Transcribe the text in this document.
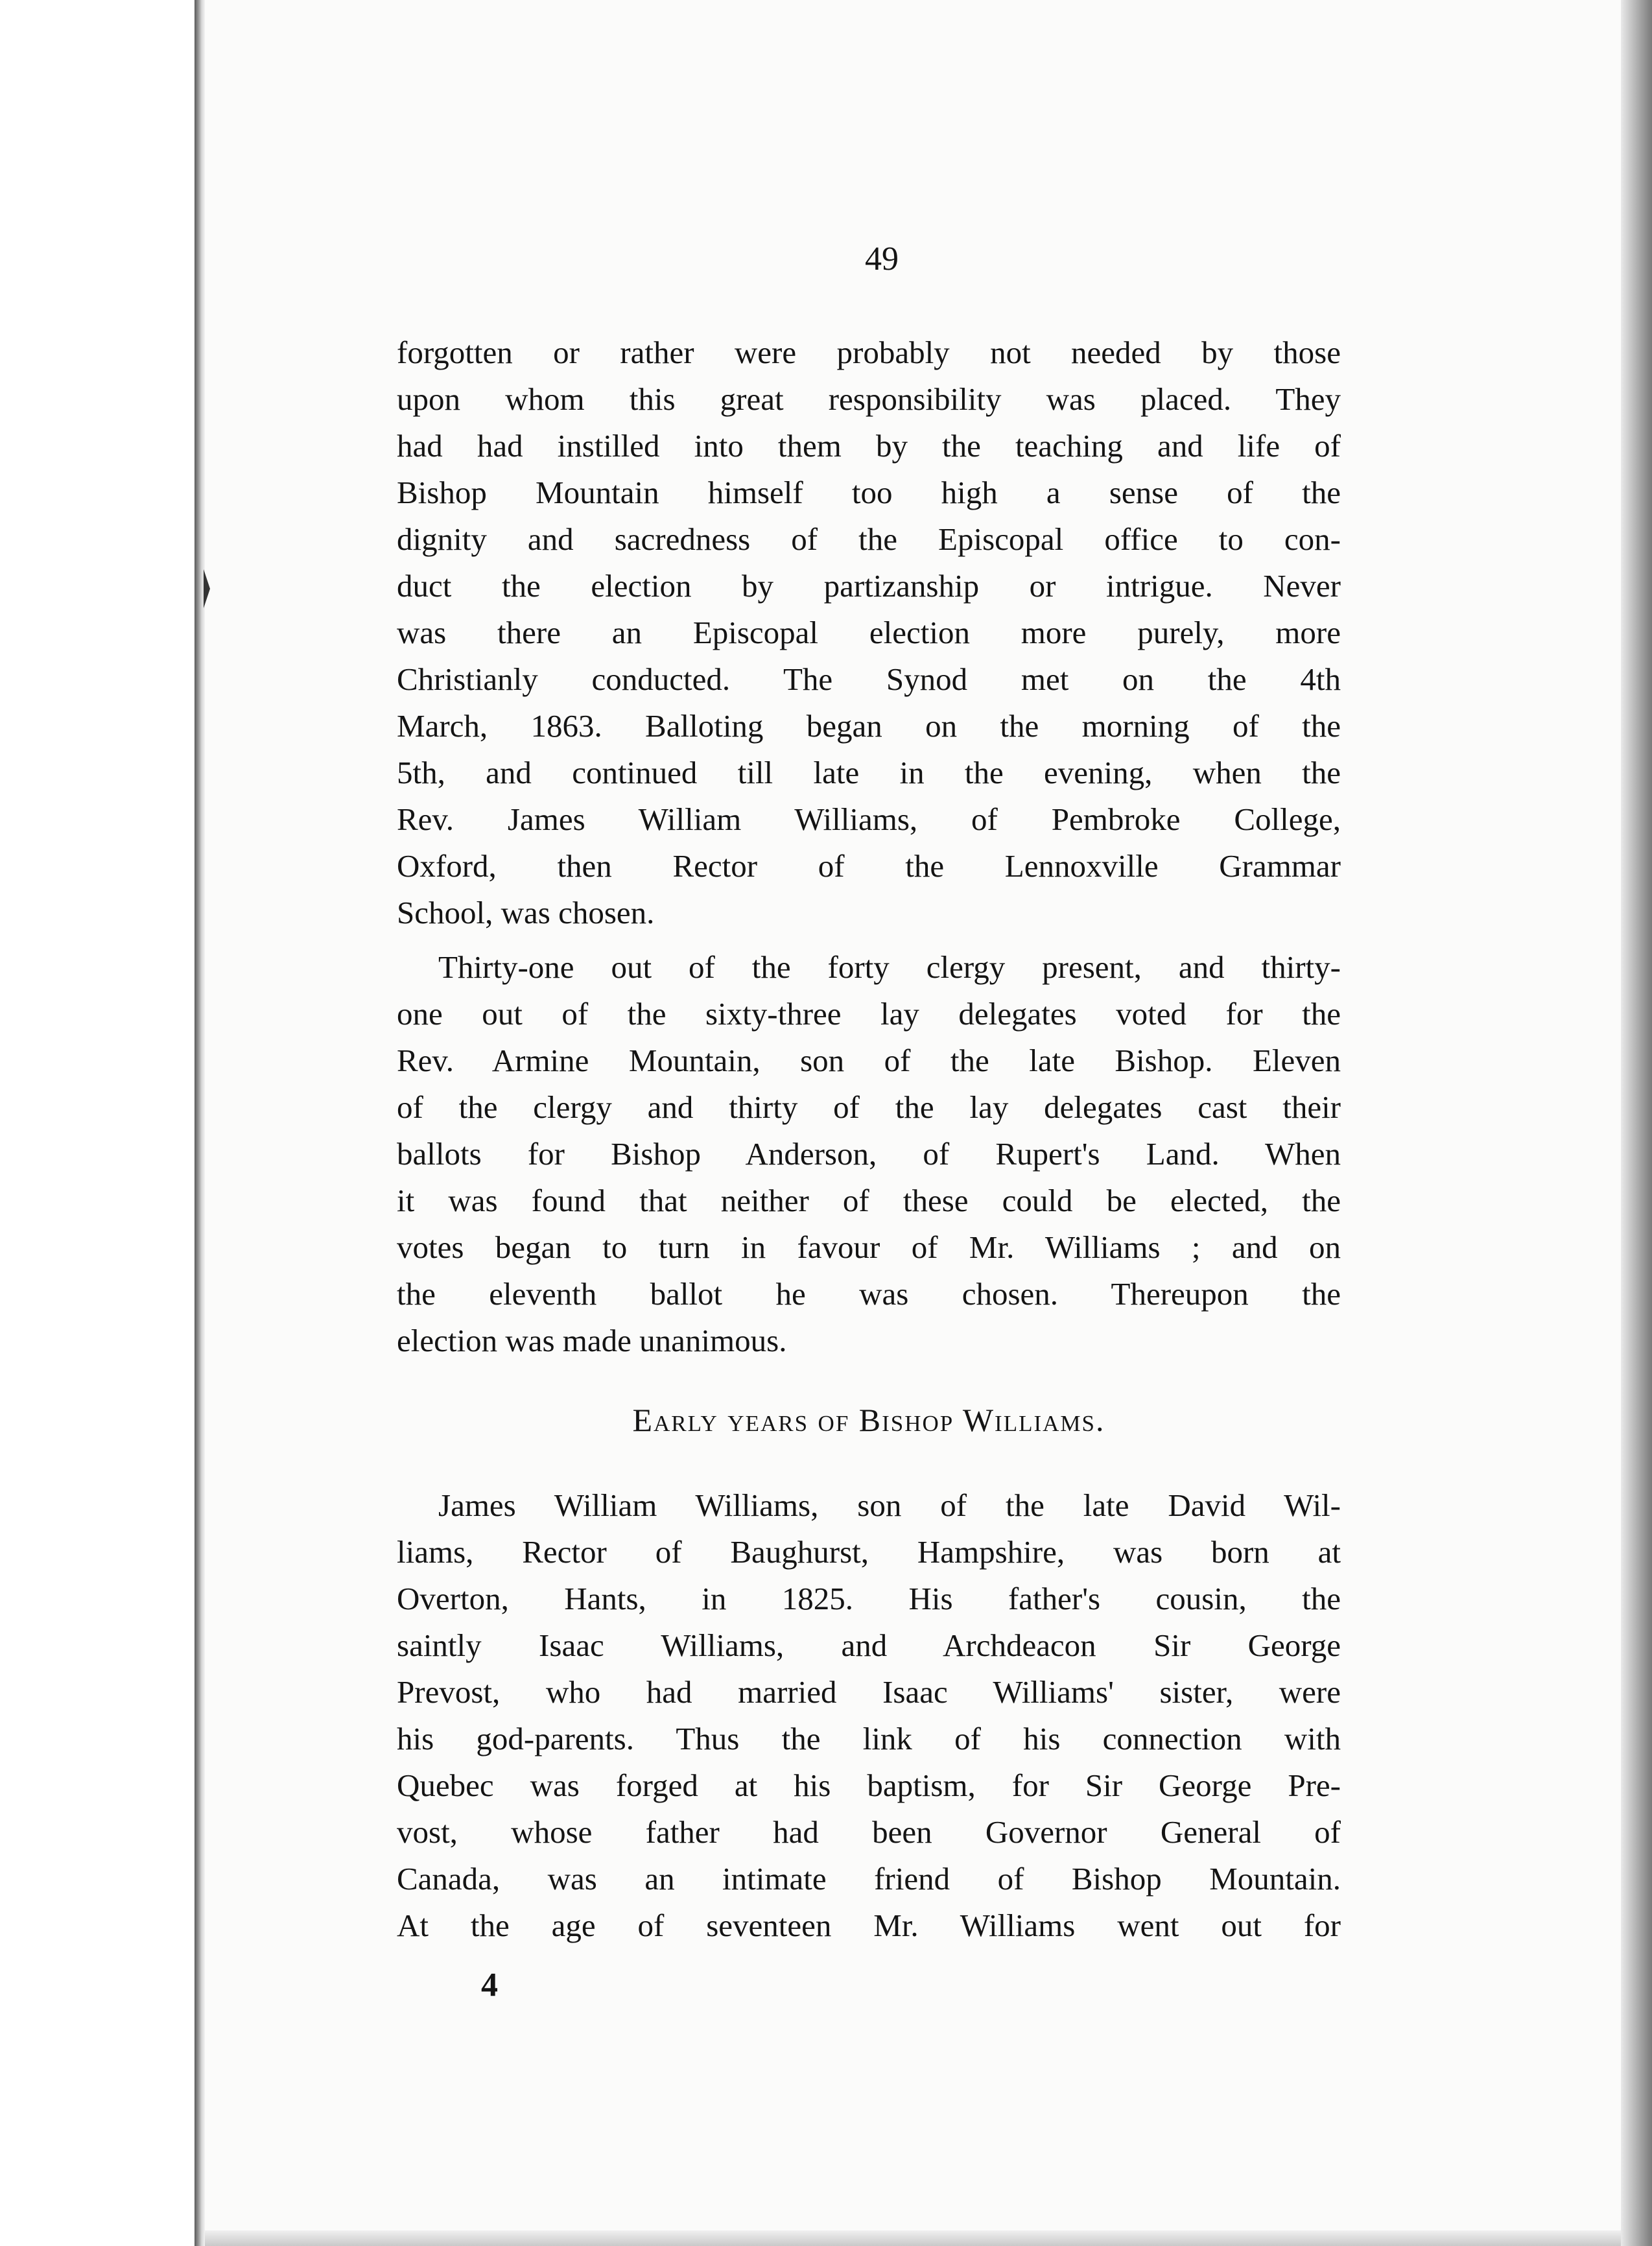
49

forgotten or rather were probably not needed by those
upon whom this great responsibility was placed. They
had had instilled into them by the teaching and life of
Bishop Mountain himself too high a sense of the
dignity and sacredness of the Episcopal office to con-
duct the election by partizanship or intrigue. Never
was there an Episcopal election more purely, more
Christianly conducted. The Synod met on the 4th
March, 1863. Balloting began on the morning of the
5th, and continued till late in the evening, when the
Rev. James William Williams, of Pembroke College,
Oxford, then Rector of the Lennoxville Grammar
School, was chosen.

Thirty-one out of the forty clergy present, and thirty-
one out of the sixty-three lay delegates voted for the
Rev. Armine Mountain, son of the late Bishop. Eleven
of the clergy and thirty of the lay delegates cast their
ballots for Bishop Anderson, of Rupert's Land. When
it was found that neither of these could be elected, the
votes began to turn in favour of Mr. Williams ; and on
the eleventh ballot he was chosen. Thereupon the
election was made unanimous.

Early years of Bishop Williams.

James William Williams, son of the late David Wil-
liams, Rector of Baughurst, Hampshire, was born at
Overton, Hants, in 1825. His father's cousin, the
saintly Isaac Williams, and Archdeacon Sir George
Prevost, who had married Isaac Williams' sister, were
his god-parents. Thus the link of his connection with
Quebec was forged at his baptism, for Sir George Pre-
vost, whose father had been Governor General of
Canada, was an intimate friend of Bishop Mountain.
At the age of seventeen Mr. Williams went out for

4
